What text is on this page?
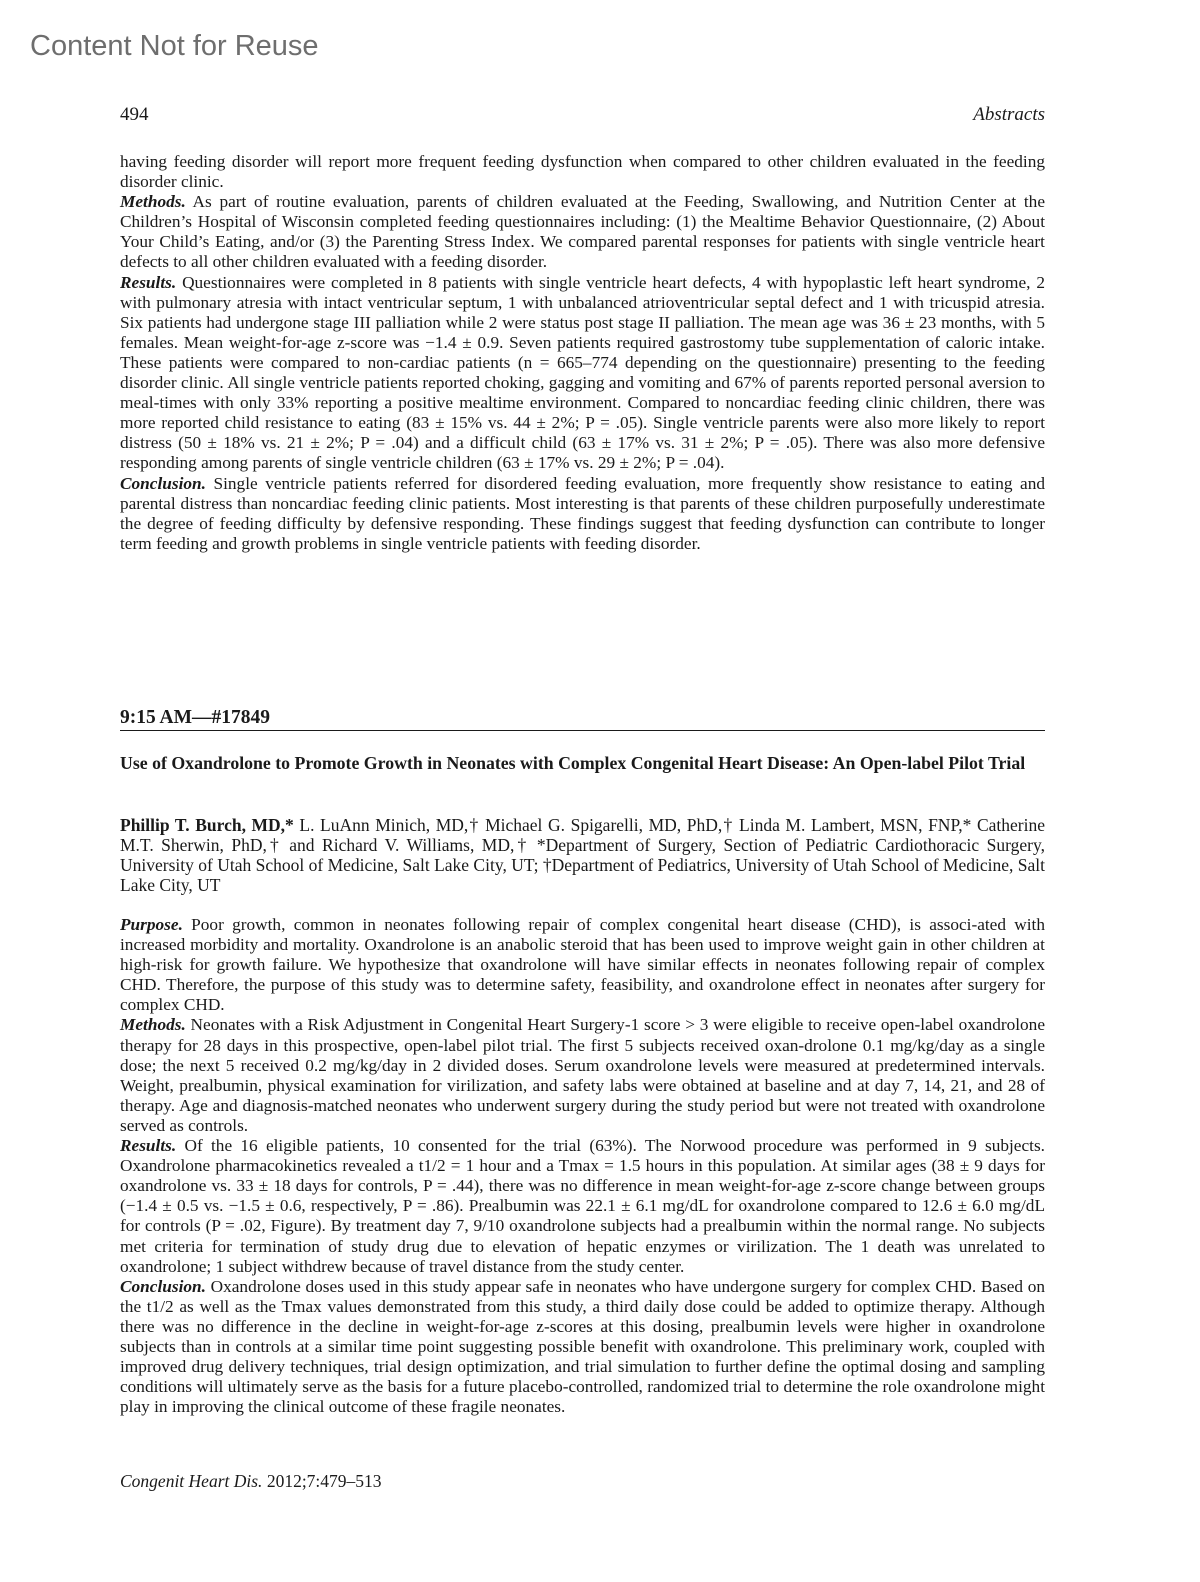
Content Not for Reuse
494	Abstracts

having feeding disorder will report more frequent feeding dysfunction when compared to other children evaluated in the feeding disorder clinic.

Methods. As part of routine evaluation, parents of children evaluated at the Feeding, Swallowing, and Nutrition Center at the Children’s Hospital of Wisconsin completed feeding questionnaires including: (1) the Mealtime Behavior Questionnaire, (2) About Your Child’s Eating, and/or (3) the Parenting Stress Index. We compared parental responses for patients with single ventricle heart defects to all other children evaluated with a feeding disorder.

Results. Questionnaires were completed in 8 patients with single ventricle heart defects, 4 with hypoplastic left heart syndrome, 2 with pulmonary atresia with intact ventricular septum, 1 with unbalanced atrioventricular septal defect and 1 with tricuspid atresia. Six patients had undergone stage III palliation while 2 were status post stage II palliation. The mean age was 36 ± 23 months, with 5 females. Mean weight-for-age z-score was −1.4 ± 0.9. Seven patients required gastrostomy tube supplementation of caloric intake. These patients were compared to non-cardiac patients (n = 665–774 depending on the questionnaire) presenting to the feeding disorder clinic. All single ventricle patients reported choking, gagging and vomiting and 67% of parents reported personal aversion to meal-times with only 33% reporting a positive mealtime environment. Compared to noncardiac feeding clinic children, there was more reported child resistance to eating (83 ± 15% vs. 44 ± 2%; P = .05). Single ventricle parents were also more likely to report distress (50 ± 18% vs. 21 ± 2%; P = .04) and a difficult child (63 ± 17% vs. 31 ± 2%; P = .05). There was also more defensive responding among parents of single ventricle children (63 ± 17% vs. 29 ± 2%; P = .04).

Conclusion. Single ventricle patients referred for disordered feeding evaluation, more frequently show resistance to eating and parental distress than noncardiac feeding clinic patients. Most interesting is that parents of these children purposefully underestimate the degree of feeding difficulty by defensive responding. These findings suggest that feeding dysfunction can contribute to longer term feeding and growth problems in single ventricle patients with feeding disorder.

9:15 AM—#17849
Use of Oxandrolone to Promote Growth in Neonates with Complex Congenital Heart Disease: An Open-label Pilot Trial
Phillip T. Burch, MD,* L. LuAnn Minich, MD,† Michael G. Spigarelli, MD, PhD,† Linda M. Lambert, MSN, FNP,* Catherine M.T. Sherwin, PhD,† and Richard V. Williams, MD,† *Department of Surgery, Section of Pediatric Cardiothoracic Surgery, University of Utah School of Medicine, Salt Lake City, UT; †Department of Pediatrics, University of Utah School of Medicine, Salt Lake City, UT

Purpose. Poor growth, common in neonates following repair of complex congenital heart disease (CHD), is associ-ated with increased morbidity and mortality. Oxandrolone is an anabolic steroid that has been used to improve weight gain in other children at high-risk for growth failure. We hypothesize that oxandrolone will have similar effects in neonates following repair of complex CHD. Therefore, the purpose of this study was to determine safety, feasibility, and oxandrolone effect in neonates after surgery for complex CHD.

Methods. Neonates with a Risk Adjustment in Congenital Heart Surgery-1 score > 3 were eligible to receive open-label oxandrolone therapy for 28 days in this prospective, open-label pilot trial. The first 5 subjects received oxan-drolone 0.1 mg/kg/day as a single dose; the next 5 received 0.2 mg/kg/day in 2 divided doses. Serum oxandrolone levels were measured at predetermined intervals. Weight, prealbumin, physical examination for virilization, and safety labs were obtained at baseline and at day 7, 14, 21, and 28 of therapy. Age and diagnosis-matched neonates who underwent surgery during the study period but were not treated with oxandrolone served as controls.

Results. Of the 16 eligible patients, 10 consented for the trial (63%). The Norwood procedure was performed in 9 subjects. Oxandrolone pharmacokinetics revealed a t1/2 = 1 hour and a Tmax = 1.5 hours in this population. At similar ages (38 ± 9 days for oxandrolone vs. 33 ± 18 days for controls, P = .44), there was no difference in mean weight-for-age z-score change between groups (−1.4 ± 0.5 vs. −1.5 ± 0.6, respectively, P = .86). Prealbumin was 22.1 ± 6.1 mg/dL for oxandrolone compared to 12.6 ± 6.0 mg/dL for controls (P = .02, Figure). By treatment day 7, 9/10 oxandrolone subjects had a prealbumin within the normal range. No subjects met criteria for termination of study drug due to elevation of hepatic enzymes or virilization. The 1 death was unrelated to oxandrolone; 1 subject withdrew because of travel distance from the study center.

Conclusion. Oxandrolone doses used in this study appear safe in neonates who have undergone surgery for complex CHD. Based on the t1/2 as well as the Tmax values demonstrated from this study, a third daily dose could be added to optimize therapy. Although there was no difference in the decline in weight-for-age z-scores at this dosing, prealbumin levels were higher in oxandrolone subjects than in controls at a similar time point suggesting possible benefit with oxandrolone. This preliminary work, coupled with improved drug delivery techniques, trial design optimization, and trial simulation to further define the optimal dosing and sampling conditions will ultimately serve as the basis for a future placebo-controlled, randomized trial to determine the role oxandrolone might play in improving the clinical outcome of these fragile neonates.

Congenit Heart Dis. 2012;7:479–513
